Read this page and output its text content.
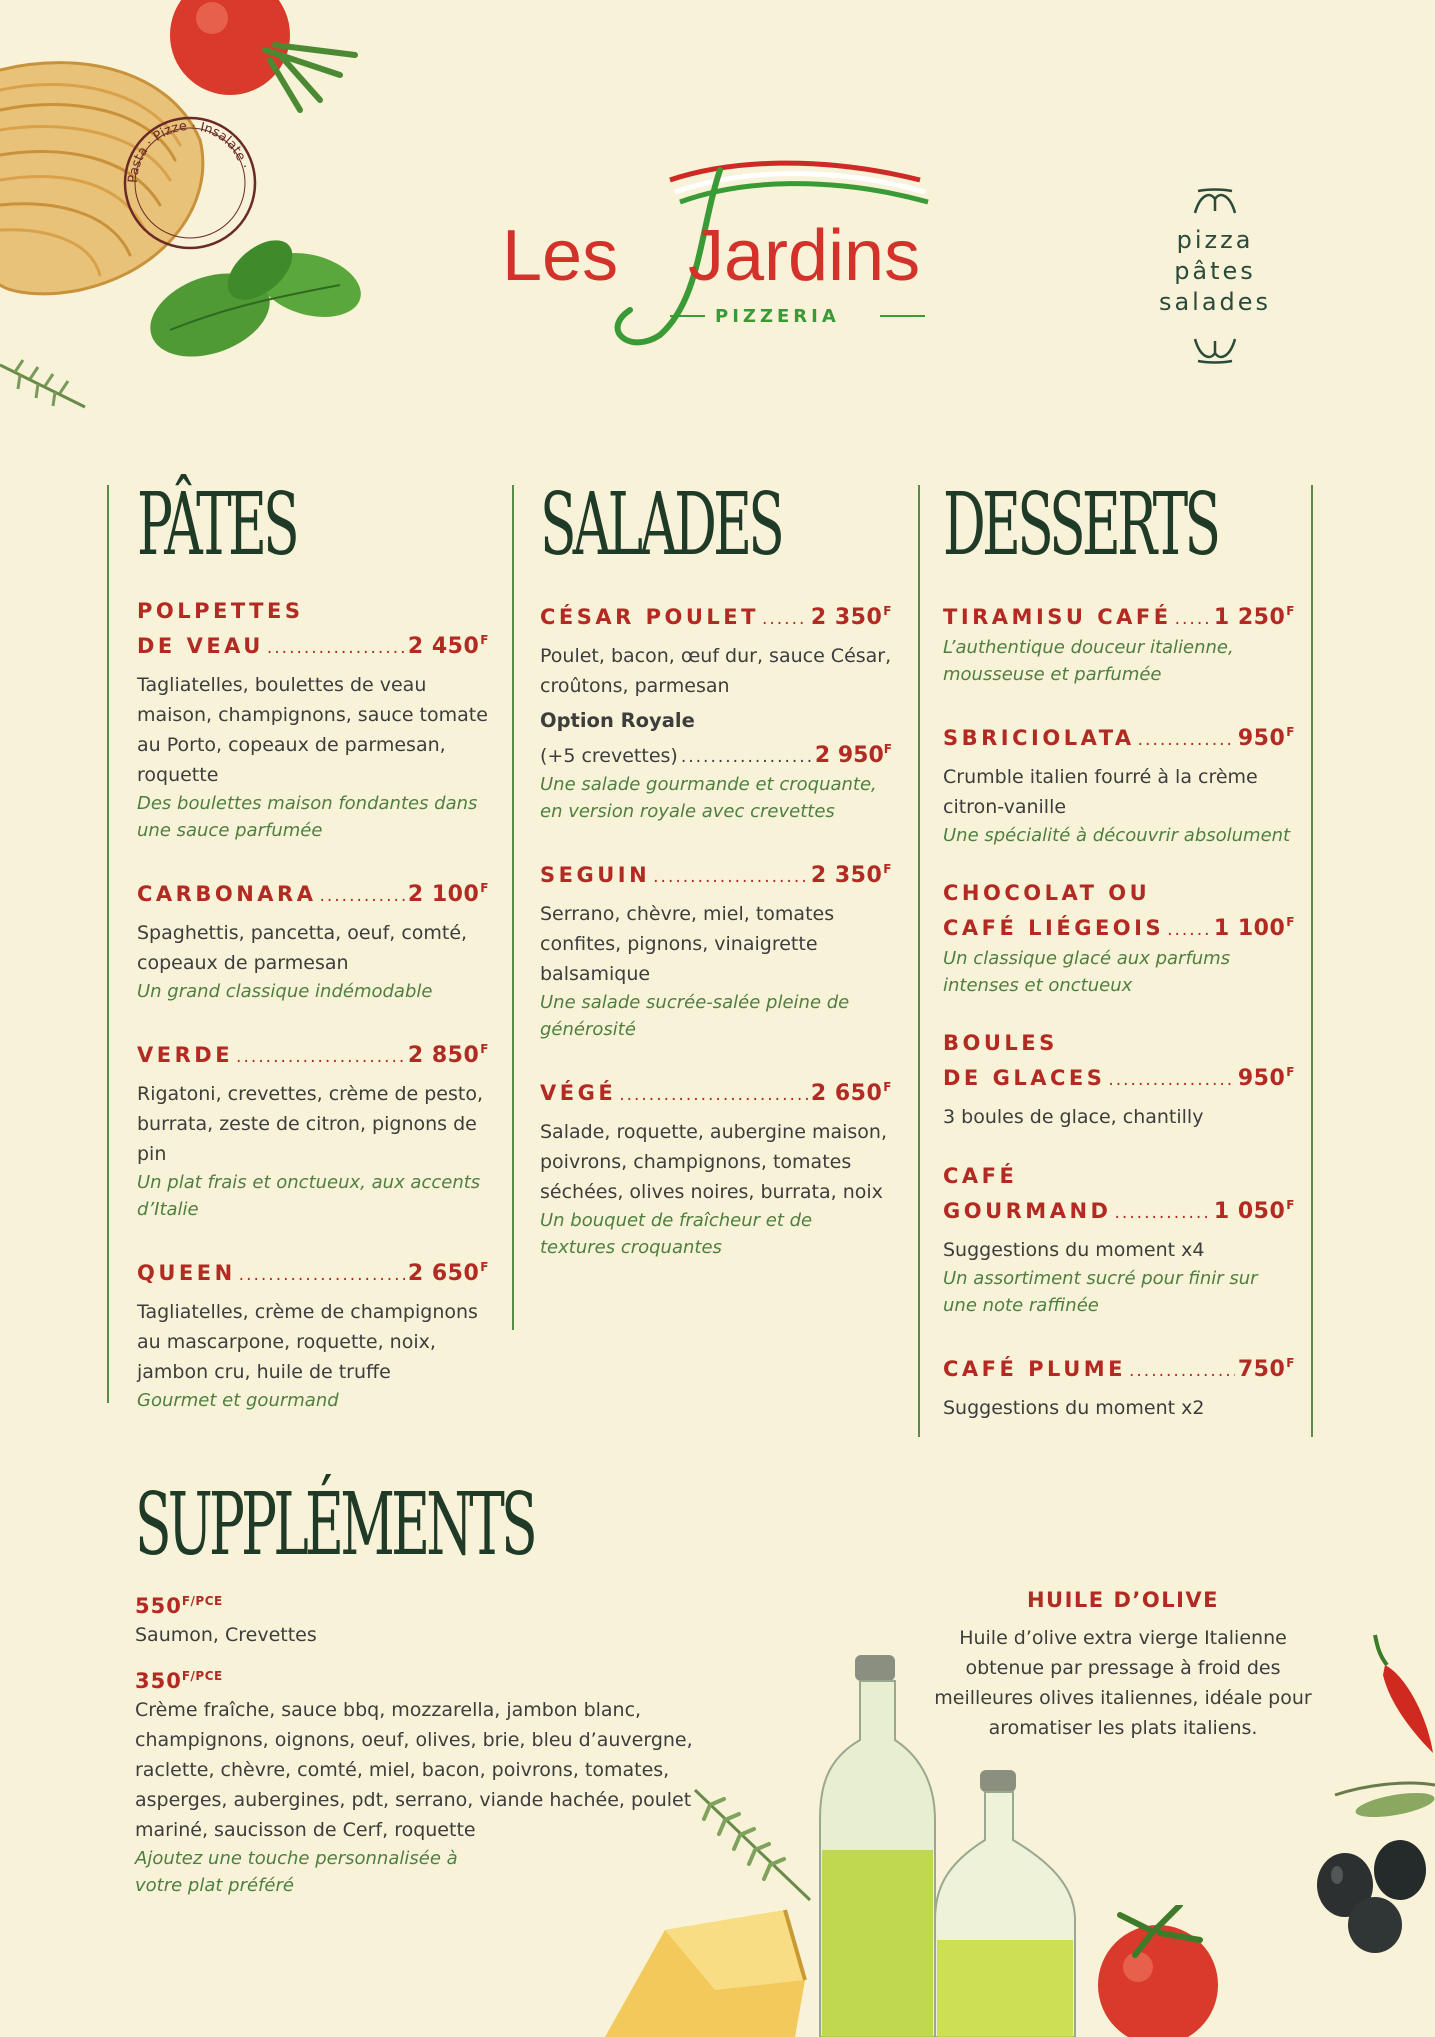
Pasta · Pizze · Insalate ·
Les Jardins
PIZZERIA
pizza
pâtes
salades
PÂTES
POLPETTES
DE VEAU .....	2 $450^F$
Tagliatelles, boulettes de veau maison, champignons, sauce tomate au Porto, copeaux de parmesan, roquette
Des boulettes maison fondantes dans une sauce parfumée
CARBONARA .....	2 $100^F$
Spaghettis, pancetta, oeuf, comté, copeaux de parmesan
Un grand classique indémodable
VERDE .....	2 $850^F$
Rigatoni, crevettes, crème de pesto, burrata, zeste de citron, pignons de pin
Un plat frais et onctueux, aux accents d’Italie
QUEEN .....	2 $650^F$
Tagliatelles, crème de champignons au mascarpone, roquette, noix, jambon cru, huile de truffe
Gourmet et gourmand
SALADES
CÉSAR POULET ..... 2 $350^F$
Poulet, bacon, œuf dur, sauce César, croûtons, parmesan
Option Royale
(+5 crevettes) .....	2 $950^F$
Une salade gourmande et croquante, en version royale avec crevettes
SEGUIN .....	2 $350^F$
Serrano, chèvre, miel, tomates confites, pignons, vinaigrette balsamique
Une salade sucrée-salée pleine de générosité
VÉGÉ .....	2 $650^F$
Salade, roquette, aubergine maison, poivrons, champignons, tomates séchées, olives noires, burrata, noix
Un bouquet de fraîcheur et de textures croquantes
DESSERTS
TIRAMISU CAFÉ ..... 1 $250^F$
L’authentique douceur italienne, mousseuse et parfumée
SBRICIOLATA .....	$950^F$
Crumble italien fourré à la crème citron-vanille
Une spécialité à découvrir absolument
CHOCOLAT OU
CAFÉ LIÉGEOIS ..... 1 $100^F$
Un classique glacé aux parfums intenses et onctueux
BOULES
DE GLACES .....	$950^F$
3 boules de glace, chantilly
CAFÉ
GOURMAND .....	1 $050^F$
Suggestions du moment x4
Un assortiment sucré pour finir sur une note raffinée
CAFÉ PLUME .....	$750^F$
Suggestions du moment x2
SUPPLÉMENTS
$550^{F/PCE}$
Saumon, Crevettes
$350^{F/PCE}$
Crème fraîche, sauce bbq, mozzarella, jambon blanc, champignons, oignons, oeuf, olives, brie, bleu d’auvergne, raclette, chèvre, comté, miel, bacon, poivrons, tomates, asperges, aubergines, pdt, serrano, viande hachée, poulet mariné, saucisson de Cerf, roquette
Ajoutez une touche personnalisée à votre plat préféré
HUILE D’OLIVE
Huile d’olive extra vierge Italienne obtenue par pressage à froid des meilleures olives italiennes, idéale pour aromatiser les plats italiens.
